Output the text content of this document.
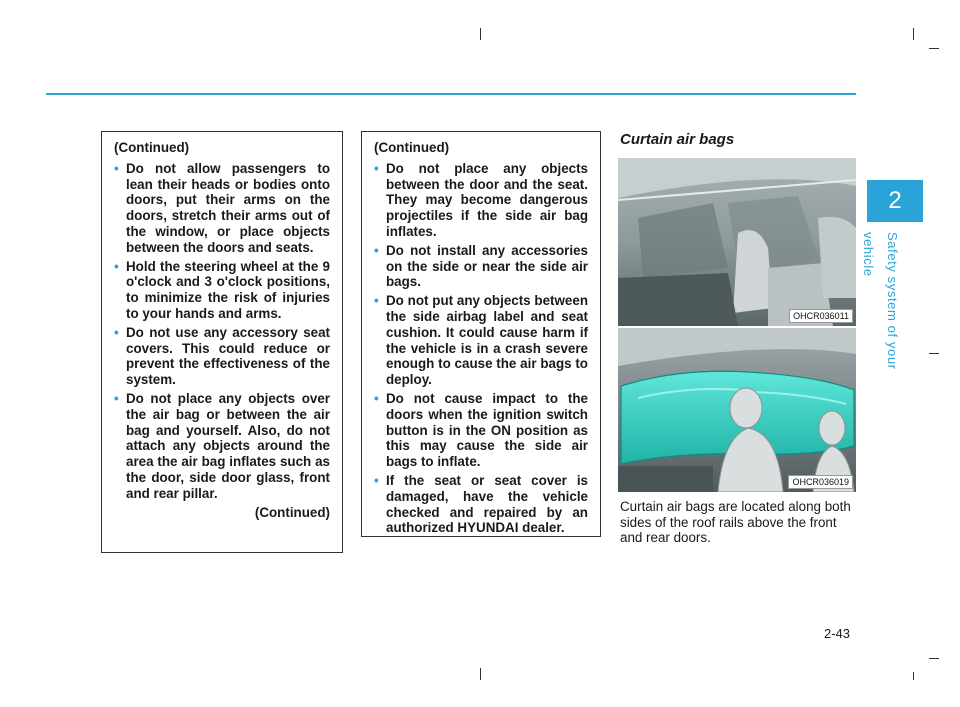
2
Safety system of your vehicle
(Continued)
• Do not allow passengers to lean their heads or bodies onto doors, put their arms on the doors, stretch their arms out of the window, or place objects between the doors and seats.
• Hold the steering wheel at the 9 o'clock and 3 o'clock positions, to minimize the risk of injuries to your hands and arms.
• Do not use any accessory seat covers. This could reduce or prevent the effectiveness of the system.
• Do not place any objects over the air bag or between the air bag and yourself. Also, do not attach any objects around the area the air bag inflates such as the door, side door glass, front and rear pillar.
(Continued)
(Continued)
• Do not place any objects between the door and the seat. They may become dangerous projectiles if the side air bag inflates.
• Do not install any accessories on the side or near the side air bags.
• Do not put any objects between the side airbag label and seat cushion. It could cause harm if the vehicle is in a crash severe enough to cause the air bags to deploy.
• Do not cause impact to the doors when the ignition switch button is in the ON position as this may cause the side air bags to inflate.
• If the seat or seat cover is damaged, have the vehicle checked and repaired by an authorized HYUNDAI dealer.
Curtain air bags
OHCR036011
OHCR036019
Curtain air bags are located along both sides of the roof rails above the front and rear doors.
2-43
